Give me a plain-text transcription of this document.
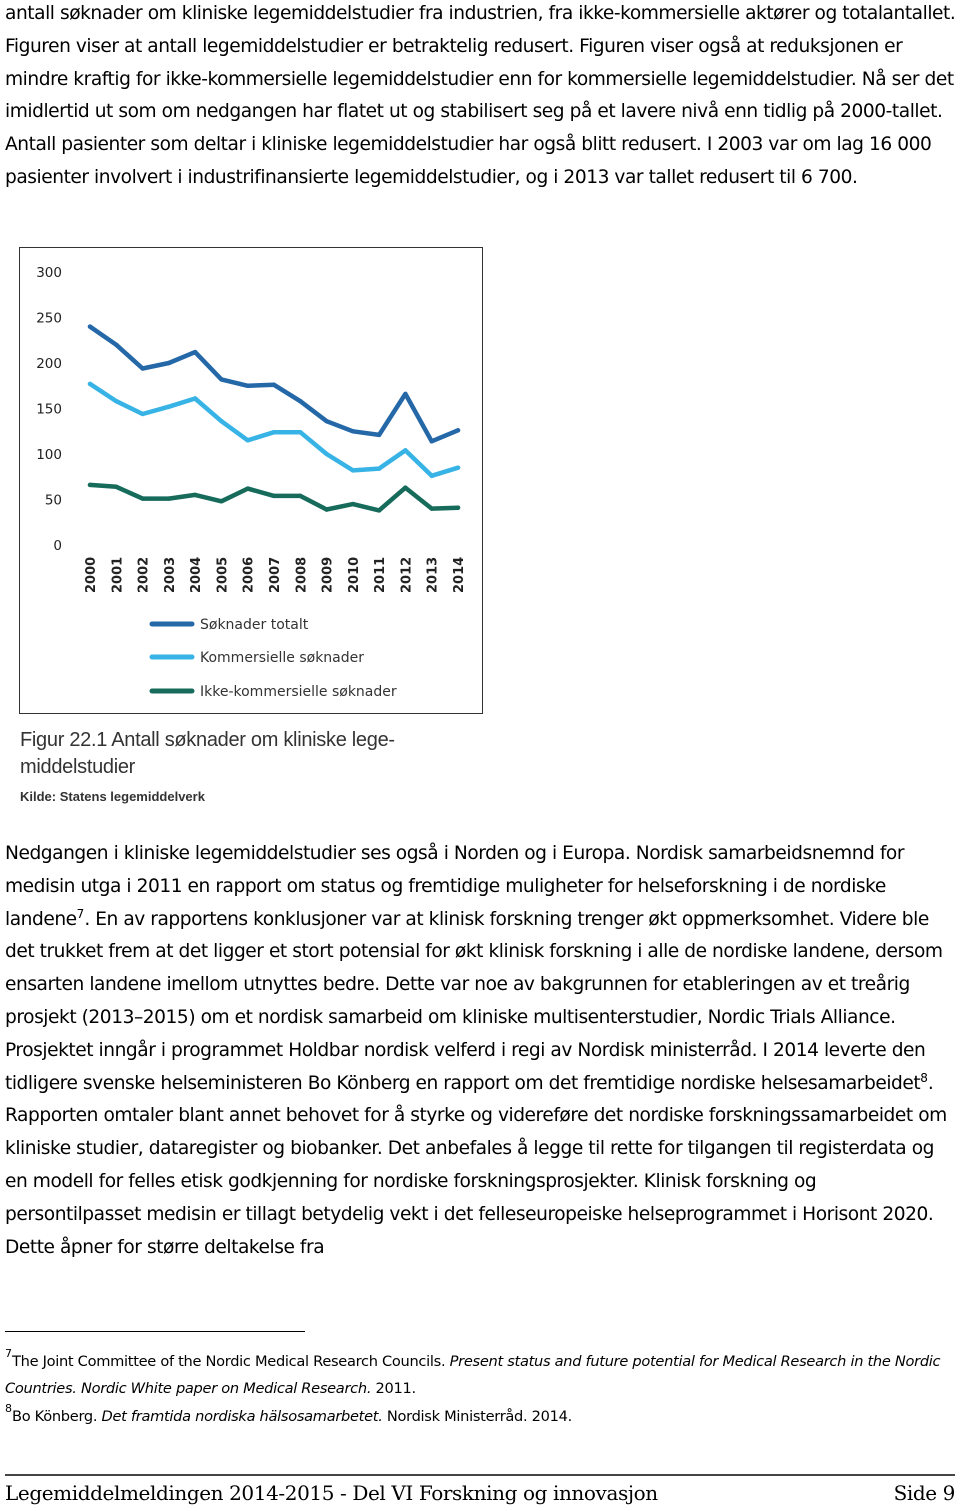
antall søknader om kliniske legemiddelstudier fra industrien, fra ikke-kommersielle aktører og totalantallet. Figuren viser at antall legemiddelstudier er betraktelig redusert. Figuren viser også at reduksjonen er mindre kraftig for ikke-kommersielle legemiddelstudier enn for kommersielle legemiddelstudier. Nå ser det imidlertid ut som om nedgangen har flatet ut og stabilisert seg på et lavere nivå enn tidlig på 2000-tallet. Antall pasienter som deltar i kliniske legemiddelstudier har også blitt redusert. I 2003 var om lag 16 000 pasienter involvert i industrifinansierte legemiddelstudier, og i 2013 var tallet redusert til 6 700.

0
50
100
150
200
250
300
2000 2001 2002 2003 2004 2005 2006 2007 2008 2009 2010 2011 2012 2013 2014
Søknader totalt
Kommersielle søknader
Ikke-kommersielle søknader
Figur 22.1 Antall søknader om kliniske lege-
middelstudier
Kilde: Statens legemiddelverk

Nedgangen i kliniske legemiddelstudier ses også i Norden og i Europa. Nordisk samarbeidsnemnd for medisin utga i 2011 en rapport om status og fremtidige muligheter for helseforskning i de nordiske landene$^7$. En av rapportens konklusjoner var at klinisk forskning trenger økt oppmerksomhet. Videre ble det trukket frem at det ligger et stort potensial for økt klinisk forskning i alle de nordiske landene, dersom ensarten landene imellom utnyttes bedre. Dette var noe av bakgrunnen for etableringen av et treårig prosjekt (2013–2015) om et nordisk samarbeid om kliniske multisenterstudier, Nordic Trials Alliance. Prosjektet inngår i programmet Holdbar nordisk velferd i regi av Nordisk ministerråd. I 2014 leverte den tidligere svenske helseministeren Bo Könberg en rapport om det fremtidige nordiske helsesamarbeidet$^8$. Rapporten omtaler blant annet behovet for å styrke og videreføre det nordiske forskningssamarbeidet om kliniske studier, dataregister og biobanker. Det anbefales å legge til rette for tilgangen til registerdata og en modell for felles etisk godkjenning for nordiske forskningsprosjekter. Klinisk forskning og persontilpasset medisin er tillagt betydelig vekt i det felleseuropeiske helseprogrammet i Horisont 2020. Dette åpner for større deltakelse fra

$^7$The Joint Committee of the Nordic Medical Research Councils. Present status and future potential for Medical Research in the Nordic Countries. Nordic White paper on Medical Research. 2011.

$^8$Bo Könberg. Det framtida nordiska hälsosamarbetet. Nordisk Ministerråd. 2014.

Legemiddelmeldingen 2014-2015 - Del VI Forskning og innovasjon	Side 9
